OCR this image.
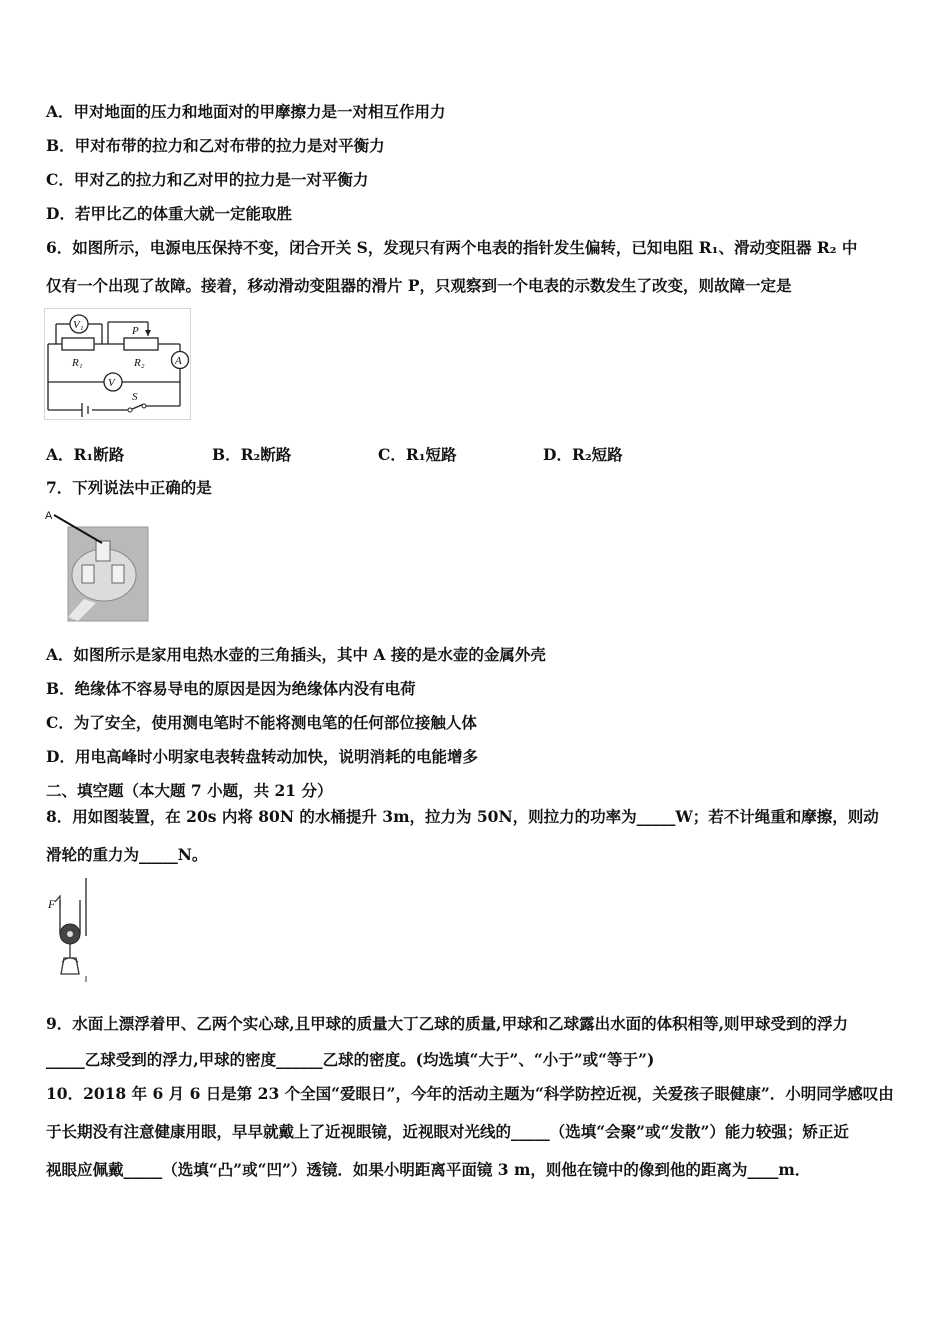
A．甲对地面的压力和地面对的甲摩擦力是一对相互作用力
B．甲对布带的拉力和乙对布带的拉力是对平衡力
C．甲对乙的拉力和乙对甲的拉力是一对平衡力
D．若甲比乙的体重大就一定能取胜
6．如图所示，电源电压保持不变，闭合开关 S，发现只有两个电表的指针发生偏转，已知电阻 R₁、滑动变阻器 R₂ 中
仅有一个出现了故障。接着，移动滑动变阻器的滑片 P，只观察到一个电表的示数发生了改变，则故障一定是
V₁	P
R₁	R₂	A
V
S
A．R₁断路	B．R₂断路	C．R₁短路	D．R₂短路
7．下列说法中正确的是
A
A．如图所示是家用电热水壶的三角插头，其中 A 接的是水壶的金属外壳
B．绝缘体不容易导电的原因是因为绝缘体内没有电荷
C．为了安全，使用测电笔时不能将测电笔的任何部位接触人体
D．用电高峰时小明家电表转盘转动加快，说明消耗的电能增多
二、填空题（本大题 7 小题，共 21 分）
8．用如图装置，在 20s 内将 80N 的水桶提升 3m，拉力为 50N，则拉力的功率为_____W；若不计绳重和摩擦，则动
滑轮的重力为_____N。
F
9．水面上漂浮着甲、乙两个实心球,且甲球的质量大丁乙球的质量,甲球和乙球露出水面的体积相等,则甲球受到的浮力
_____乙球受到的浮力,甲球的密度______乙球的密度。(均选填“大于”、“小于”或“等于”)
10．2018 年 6 月 6 日是第 23 个全国“爱眼日”，今年的活动主题为“科学防控近视，关爱孩子眼健康”．小明同学感叹由
于长期没有注意健康用眼，早早就戴上了近视眼镜，近视眼对光线的_____（选填“会聚”或“发散”）能力较强；矫正近
视眼应佩戴_____（选填“凸”或“凹”）透镜．如果小明距离平面镜 3 m，则他在镜中的像到他的距离为____m．
